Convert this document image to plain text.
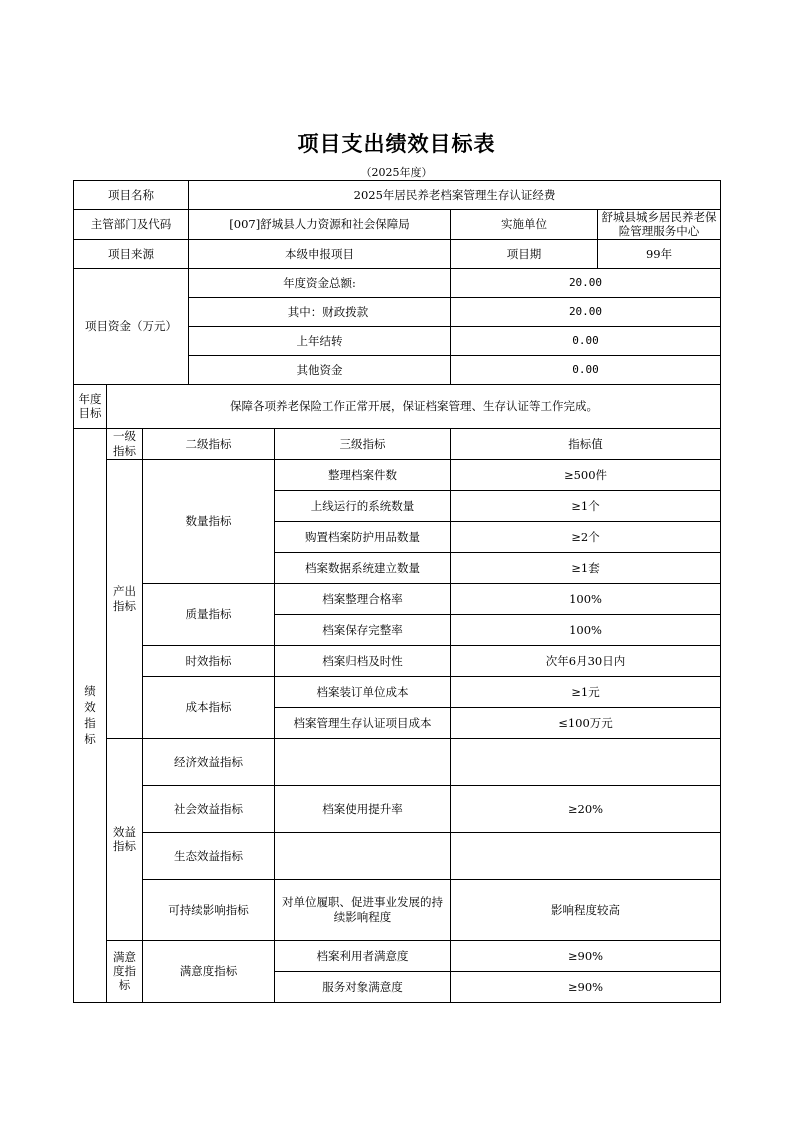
项目支出绩效目标表
（2025年度）
项目名称			2025年居民养老档案管理生存认证经费			
主管部门及代码			[007]舒城县人力资源和社会保障局		实施单位	舒城县城乡居民养老保险管理服务中心
项目来源			本级申报项目		项目期	99年
项目资金（万元）			年度资金总额:		20.00	
			其中：财政拨款		20.00	
			上年结转		0.00	
			其他资金		0.00	
年度目标	保障各项养老保险工作正常开展，保证档案管理、生存认证等工作完成。					

绩效指标	一级指标	二级指标		三级指标	指标值	
	产出指标	数量指标		整理档案件数	≥500件	
				上线运行的系统数量	≥1个	
				购置档案防护用品数量	≥2个	
				档案数据系统建立数量	≥1套	
		质量指标		档案整理合格率	100%	
				档案保存完整率	100%	
		时效指标		档案归档及时性	次年6月30日内	
		成本指标		档案装订单位成本	≥1元	
				档案管理生存认证项目成本	≤100万元	
	效益指标	经济效益指标				
		社会效益指标		档案使用提升率	≥20%	
		生态效益指标				
		可持续影响指标		对单位履职、促进事业发展的持续影响程度	影响程度较高	
	满意度指标	满意度指标		档案利用者满意度	≥90%	
				服务对象满意度	≥90%	
